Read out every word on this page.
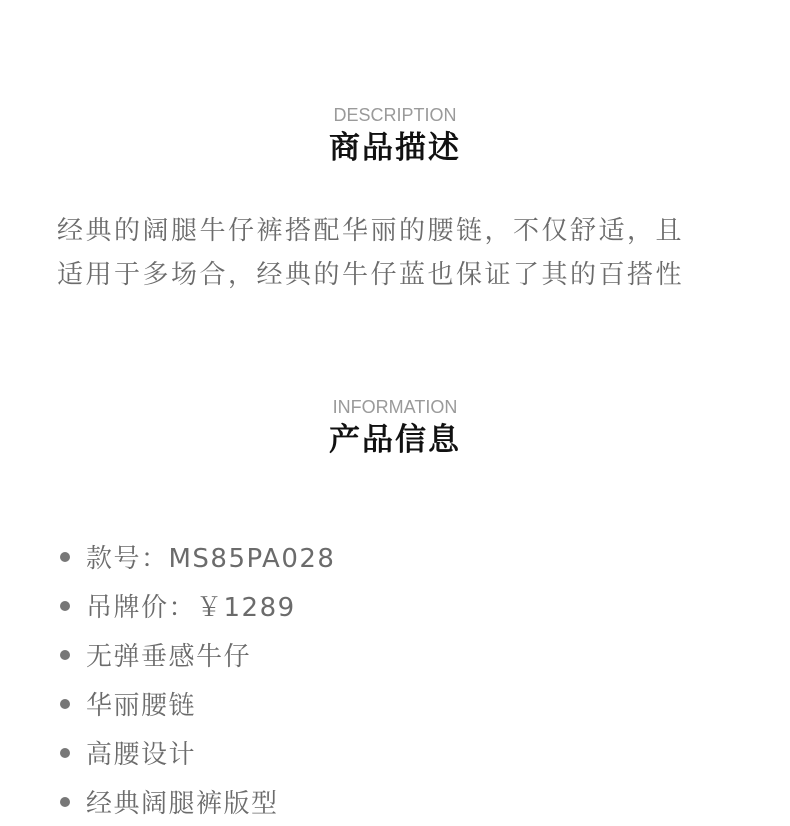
DESCRIPTION
商品描述
经典的阔腿牛仔裤搭配华丽的腰链，不仅舒适，且
适用于多场合，经典的牛仔蓝也保证了其的百搭性
INFORMATION
产品信息
款号：MS85PA028
吊牌价：￥1289
无弹垂感牛仔
华丽腰链
高腰设计
经典阔腿裤版型
